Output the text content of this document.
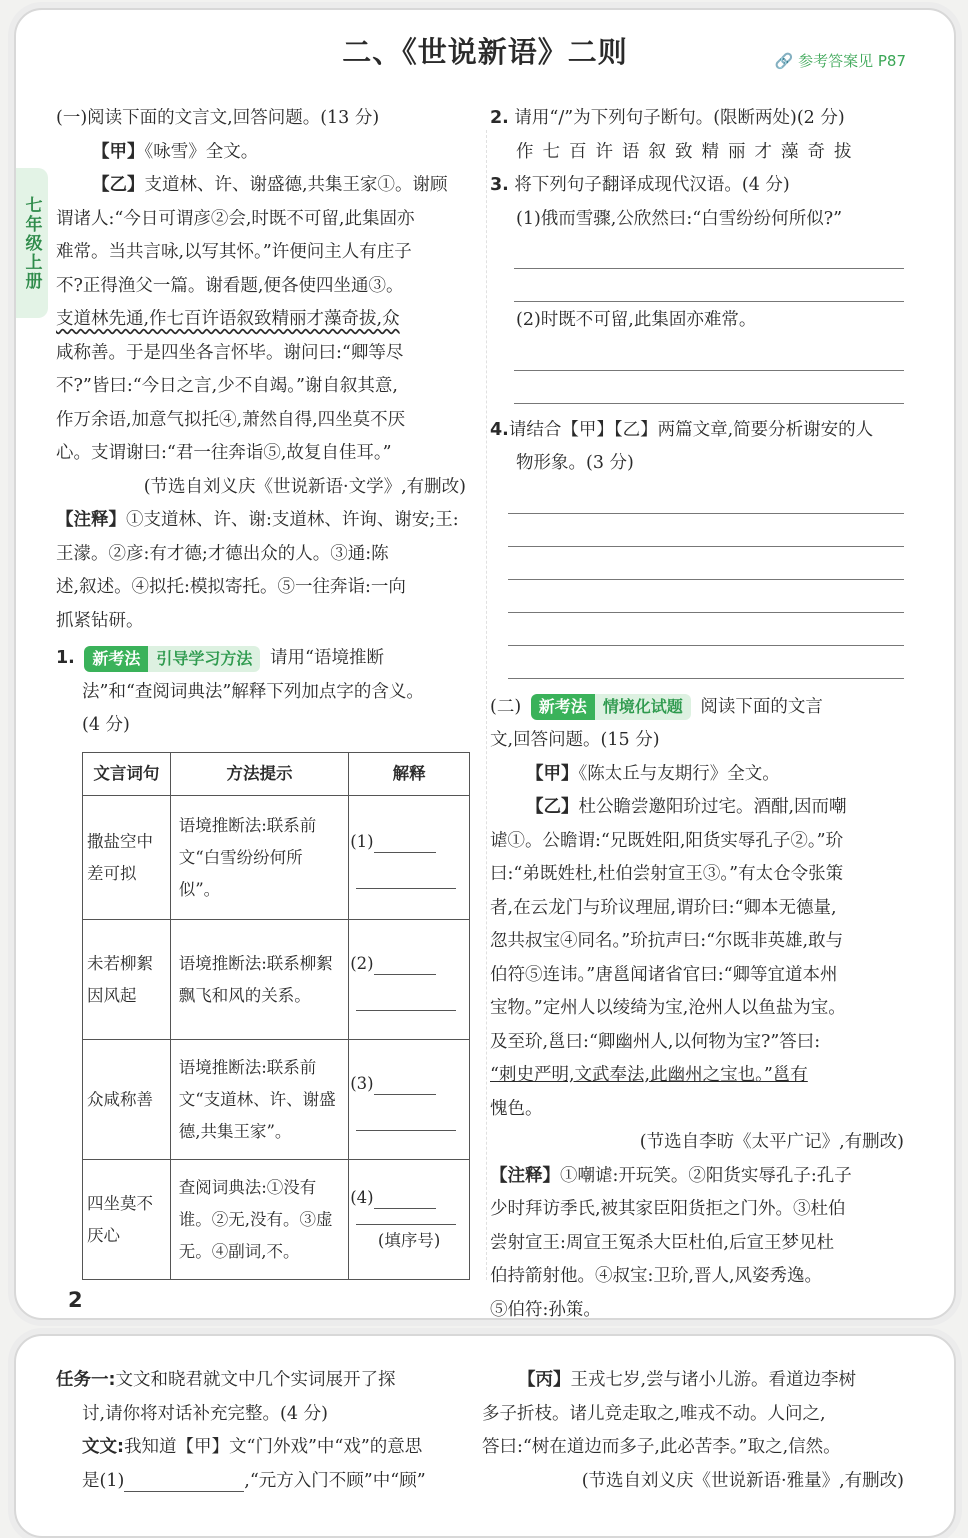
二、《世说新语》二则	🔗 参考答案见 P87
七年级上册

(一)阅读下面的文言文,回答问题。(13 分)

【甲】《咏雪》全文。

【乙】支道林、许、谢盛德,共集王家①。谢顾

谓诸人:“今日可谓彦②会,时既不可留,此集固亦

难常。当共言咏,以写其怀。”许便问主人有庄子

不?正得渔父一篇。谢看题,便各使四坐通③。

支道林先通,作七百许语叙致精丽才藻奇拔,众

咸称善。于是四坐各言怀毕。谢问曰:“卿等尽

不?”皆曰:“今日之言,少不自竭。”谢自叙其意,

作万余语,加意气拟托④,萧然自得,四坐莫不厌

心。支谓谢曰:“君一往奔诣⑤,故复自佳耳。”

(节选自刘义庆《世说新语·文学》,有删改)

【注释】①支道林、许、谢:支道林、许询、谢安;王:

王濛。②彦:有才德;才德出众的人。③通:陈

述,叙述。④拟托:模拟寄托。⑤一往奔诣:一向

抓紧钻研。

1. 新考法 引导学习方法 请用“语境推断

法”和“查阅词典法”解释下列加点字的含义。

(4 分)

文言词句	方法提示	解释
撒盐空中差可拟	语境推断法:联系前文“白雪纷纷何所似”。	(1)

未若柳絮因风起	语境推断法:联系柳絮飘飞和风的关系。	(2)

众咸称善	语境推断法:联系前文“支道林、许、谢盛德,共集王家”。	(3)

四坐莫不厌心	查阅词典法:①没有谁。②无,没有。③虚无。④副词,不。	(4)
(填序号)

2. 请用“/”为下列句子断句。(限断两处)(2 分)

作七百许语叙致精丽才藻奇拔

3. 将下列句子翻译成现代汉语。(4 分)

(1)俄而雪骤,公欣然曰:“白雪纷纷何所似?”

(2)时既不可留,此集固亦难常。

4.请结合【甲】【乙】两篇文章,简要分析谢安的人

物形象。(3 分)

(二) 新考法 情境化试题 阅读下面的文言

文,回答问题。(15 分)

【甲】《陈太丘与友期行》全文。

【乙】杜公瞻尝邀阳玠过宅。酒酣,因而嘲

谑①。公瞻谓:“兄既姓阳,阳货实辱孔子②。”玠

曰:“弟既姓杜,杜伯尝射宣王③。”有太仓令张策

者,在云龙门与玠议理屈,谓玠曰:“卿本无德量,

忽共叔宝④同名。”玠抗声曰:“尔既非英雄,敢与

伯符⑤连讳。”唐邕闻诸省官曰:“卿等宜道本州

宝物。”定州人以绫绮为宝,沧州人以鱼盐为宝。

及至玠,邕曰:“卿幽州人,以何物为宝?”答曰:

“刺史严明,文武奉法,此幽州之宝也。”邕有

愧色。

(节选自李昉《太平广记》,有删改)

【注释】①嘲谑:开玩笑。②阳货实辱孔子:孔子

少时拜访季氏,被其家臣阳货拒之门外。③杜伯

尝射宣王:周宣王冤杀大臣杜伯,后宣王梦见杜

伯持箭射他。④叔宝:卫玠,晋人,风姿秀逸。

⑤伯符:孙策。

2

任务一:文文和晓君就文中几个实词展开了探

讨,请你将对话补充完整。(4 分)

文文:我知道【甲】文“门外戏”中“戏”的意思

是(1)	,“元方入门不顾”中“顾”

【丙】王戎七岁,尝与诸小儿游。看道边李树

多子折枝。诸儿竞走取之,唯戎不动。人问之,

答曰:“树在道边而多子,此必苦李。”取之,信然。

(节选自刘义庆《世说新语·雅量》,有删改)
